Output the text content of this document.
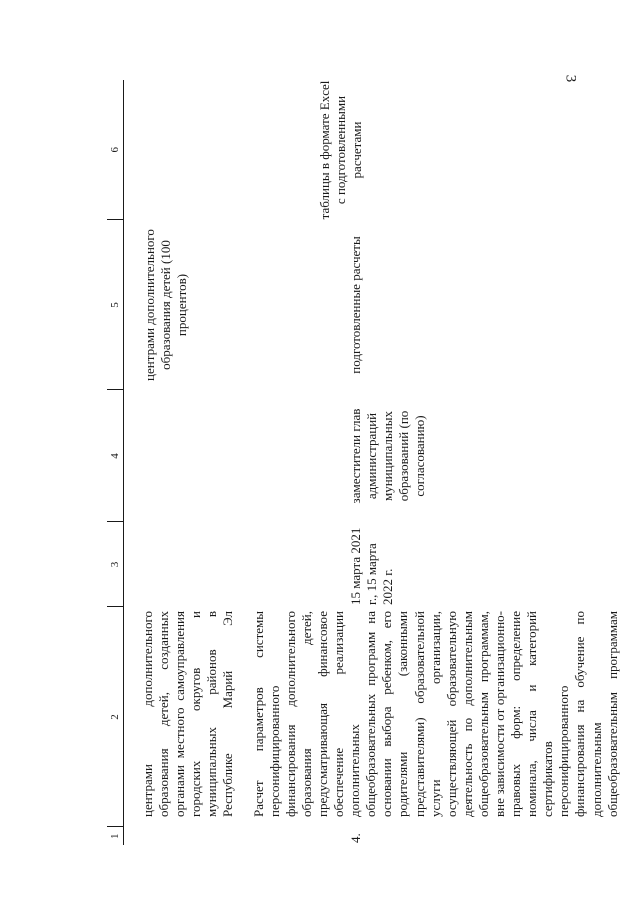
3
1	2	3	4	5	6
	центрами дополнительного образования детей, созданных органами местного самоуправления городских округов и муниципальных районов в Республике Марий Эл			центрами дополнительного образования детей (100 процентов)	
4.	Расчет параметров системы персонифицированного финансирования дополнительного образования детей, предусматривающая финансовое обеспечение реализации дополнительных общеобразовательных программ на основании выбора ребенком, его родителями (законными представителями) образовательной услуги организации, осуществляющей образовательную деятельность по дополнительным общеобразовательным программам, вне зависимости от организационно-правовых форм: определение номинала, числа и категорий сертификатов персонифицированного финансирования на обучение по дополнительным общеобразовательным программам	15 марта 2021 г., 15 марта 2022 г.	заместители глав администраций муниципальных образований (по согласованию)	подготовленные расчеты	таблицы в формате Excel с подготовленными расчетами
